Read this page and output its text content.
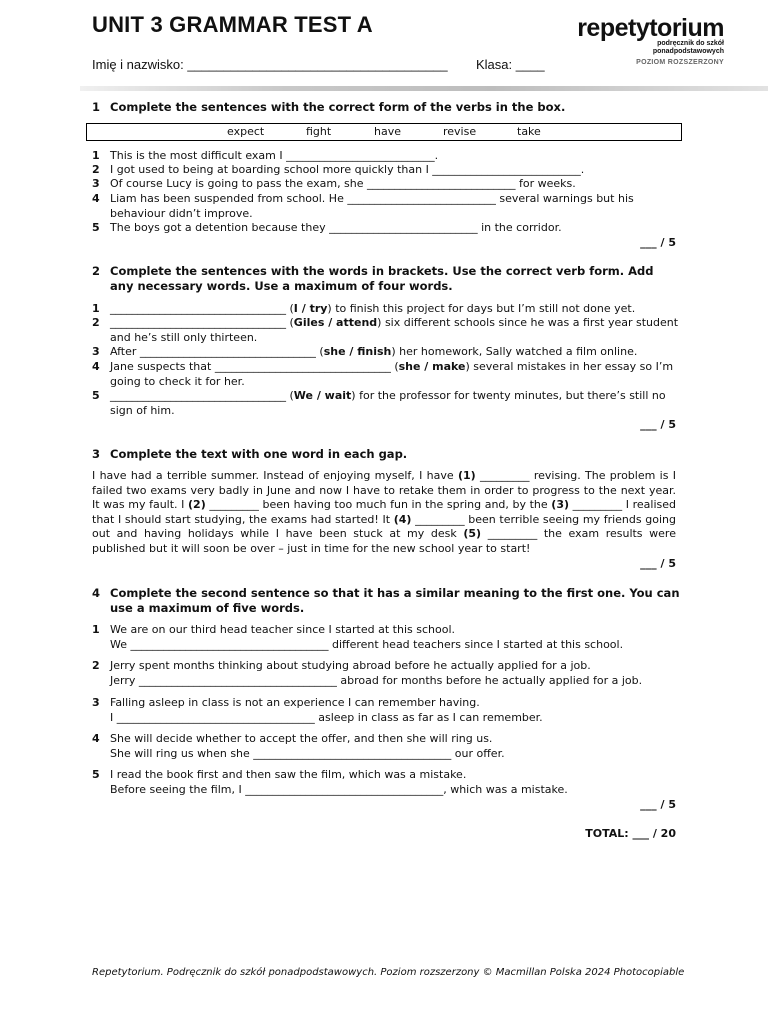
UNIT 3 GRAMMAR TEST A	repetytorium
podręcznik do szkół
ponadpodstawowych
POZIOM ROZSZERZONY
Imię i nazwisko: ____________________________________ Klasa: ____
1 Complete the sentences with the correct form of the verbs in the box.
expect	fight	have	revise	take
1 This is the most difficult exam I ___________________________.
2 I got used to being at boarding school more quickly than I ___________________________.
3 Of course Lucy is going to pass the exam, she ___________________________ for weeks.
4 Liam has been suspended from school. He ___________________________ several warnings but his behaviour didn’t improve.
5 The boys got a detention because they ___________________________ in the corridor.
___ / 5
2 Complete the sentences with the words in brackets. Use the correct verb form. Add any necessary words. Use a maximum of four words.
1 ________________________________ (I / try) to finish this project for days but I’m still not done yet.
2 ________________________________ (Giles / attend) six different schools since he was a first year student and he’s still only thirteen.
3 After ________________________________ (she / finish) her homework, Sally watched a film online.
4 Jane suspects that ________________________________ (she / make) several mistakes in her essay so I’m going to check it for her.
5 ________________________________ (We / wait) for the professor for twenty minutes, but there’s still no sign of him.
___ / 5
3 Complete the text with one word in each gap.
I have had a terrible summer. Instead of enjoying myself, I have (1) _________ revising. The problem is I failed two exams very badly in June and now I have to retake them in order to progress to the next year. It was my fault. I (2) _________ been having too much fun in the spring and, by the (3) _________ I realised that I should start studying, the exams had started! It (4) _________ been terrible seeing my friends going out and having holidays while I have been stuck at my desk (5) _________ the exam results were published but it will soon be over – just in time for the new school year to start!
___ / 5
4 Complete the second sentence so that it has a similar meaning to the first one. You can use a maximum of five words.
1 We are on our third head teacher since I started at this school.
We ____________________________________ different head teachers since I started at this school.
2 Jerry spent months thinking about studying abroad before he actually applied for a job.
Jerry ____________________________________ abroad for months before he actually applied for a job.
3 Falling asleep in class is not an experience I can remember having.
I ____________________________________ asleep in class as far as I can remember.
4 She will decide whether to accept the offer, and then she will ring us.
She will ring us when she ____________________________________ our offer.
5 I read the book first and then saw the film, which was a mistake.
Before seeing the film, I ____________________________________, which was a mistake.
___ / 5
TOTAL: ___ / 20
Repetytorium. Podręcznik do szkół ponadpodstawowych. Poziom rozszerzony © Macmillan Polska 2024 Photocopiable
